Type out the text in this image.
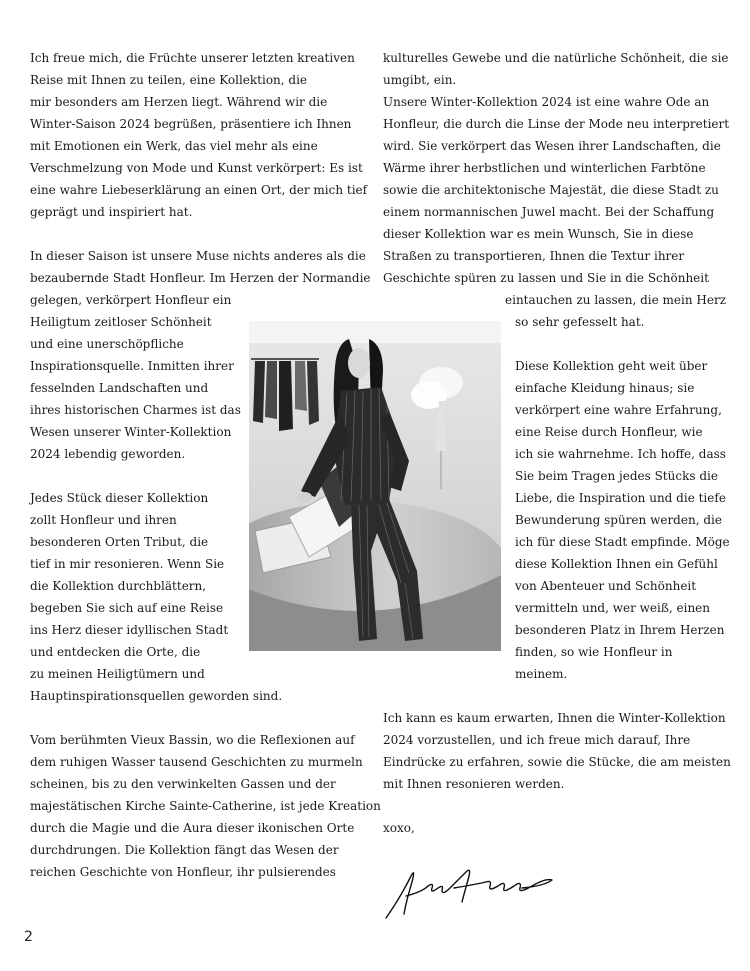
Ich freue mich, die Früchte unserer letzten kreativen
Reise mit Ihnen zu teilen, eine Kollektion, die
mir besonders am Herzen liegt. Während wir die
Winter-Saison 2024 begrüßen, präsentiere ich Ihnen
mit Emotionen ein Werk, das viel mehr als eine
Verschmelzung von Mode und Kunst verkörpert: Es ist
eine wahre Liebeserklärung an einen Ort, der mich tief
geprägt und inspiriert hat.
In dieser Saison ist unsere Muse nichts anderes als die
bezaubernde Stadt Honfleur. Im Herzen der Normandie
gelegen, verkörpert Honfleur ein
Heiligtum zeitloser Schönheit
und eine unerschöpfliche
Inspirationsquelle. Inmitten ihrer
fesselnden Landschaften und
ihres historischen Charmes ist das
Wesen unserer Winter-Kollektion
2024 lebendig geworden.
Jedes Stück dieser Kollektion
zollt Honfleur und ihren
besonderen Orten Tribut, die
tief in mir resonieren. Wenn Sie
die Kollektion durchblättern,
begeben Sie sich auf eine Reise
ins Herz dieser idyllischen Stadt
und entdecken die Orte, die
zu meinen Heiligtümern und
Hauptinspirationsquellen geworden sind.
Vom berühmten Vieux Bassin, wo die Reflexionen auf
dem ruhigen Wasser tausend Geschichten zu murmeln
scheinen, bis zu den verwinkelten Gassen und der
majestätischen Kirche Sainte-Catherine, ist jede Kreation
durch die Magie und die Aura dieser ikonischen Orte
durchdrungen. Die Kollektion fängt das Wesen der
reichen Geschichte von Honfleur, ihr pulsierendes
kulturelles Gewebe und die natürliche Schönheit, die sie
umgibt, ein.
Unsere Winter-Kollektion 2024 ist eine wahre Ode an
Honfleur, die durch die Linse der Mode neu interpretiert
wird. Sie verkörpert das Wesen ihrer Landschaften, die
Wärme ihrer herbstlichen und winterlichen Farbtöne
sowie die architektonische Majestät, die diese Stadt zu
einem normannischen Juwel macht. Bei der Schaffung
dieser Kollektion war es mein Wunsch, Sie in diese
Straßen zu transportieren, Ihnen die Textur ihrer
Geschichte spüren zu lassen und Sie in die Schönheit
eintauchen zu lassen, die mein Herz
so sehr gefesselt hat.
Diese Kollektion geht weit über
einfache Kleidung hinaus; sie
verkörpert eine wahre Erfahrung,
eine Reise durch Honfleur, wie
ich sie wahrnehme. Ich hoffe, dass
Sie beim Tragen jedes Stücks die
Liebe, die Inspiration und die tiefe
Bewunderung spüren werden, die
ich für diese Stadt empfinde. Möge
diese Kollektion Ihnen ein Gefühl
von Abenteuer und Schönheit
vermitteln und, wer weiß, einen
besonderen Platz in Ihrem Herzen
finden, so wie Honfleur in
meinem.
Ich kann es kaum erwarten, Ihnen die Winter-Kollektion
2024 vorzustellen, und ich freue mich darauf, Ihre
Eindrücke zu erfahren, sowie die Stücke, die am meisten
mit Ihnen resonieren werden.
xoxo,
2
